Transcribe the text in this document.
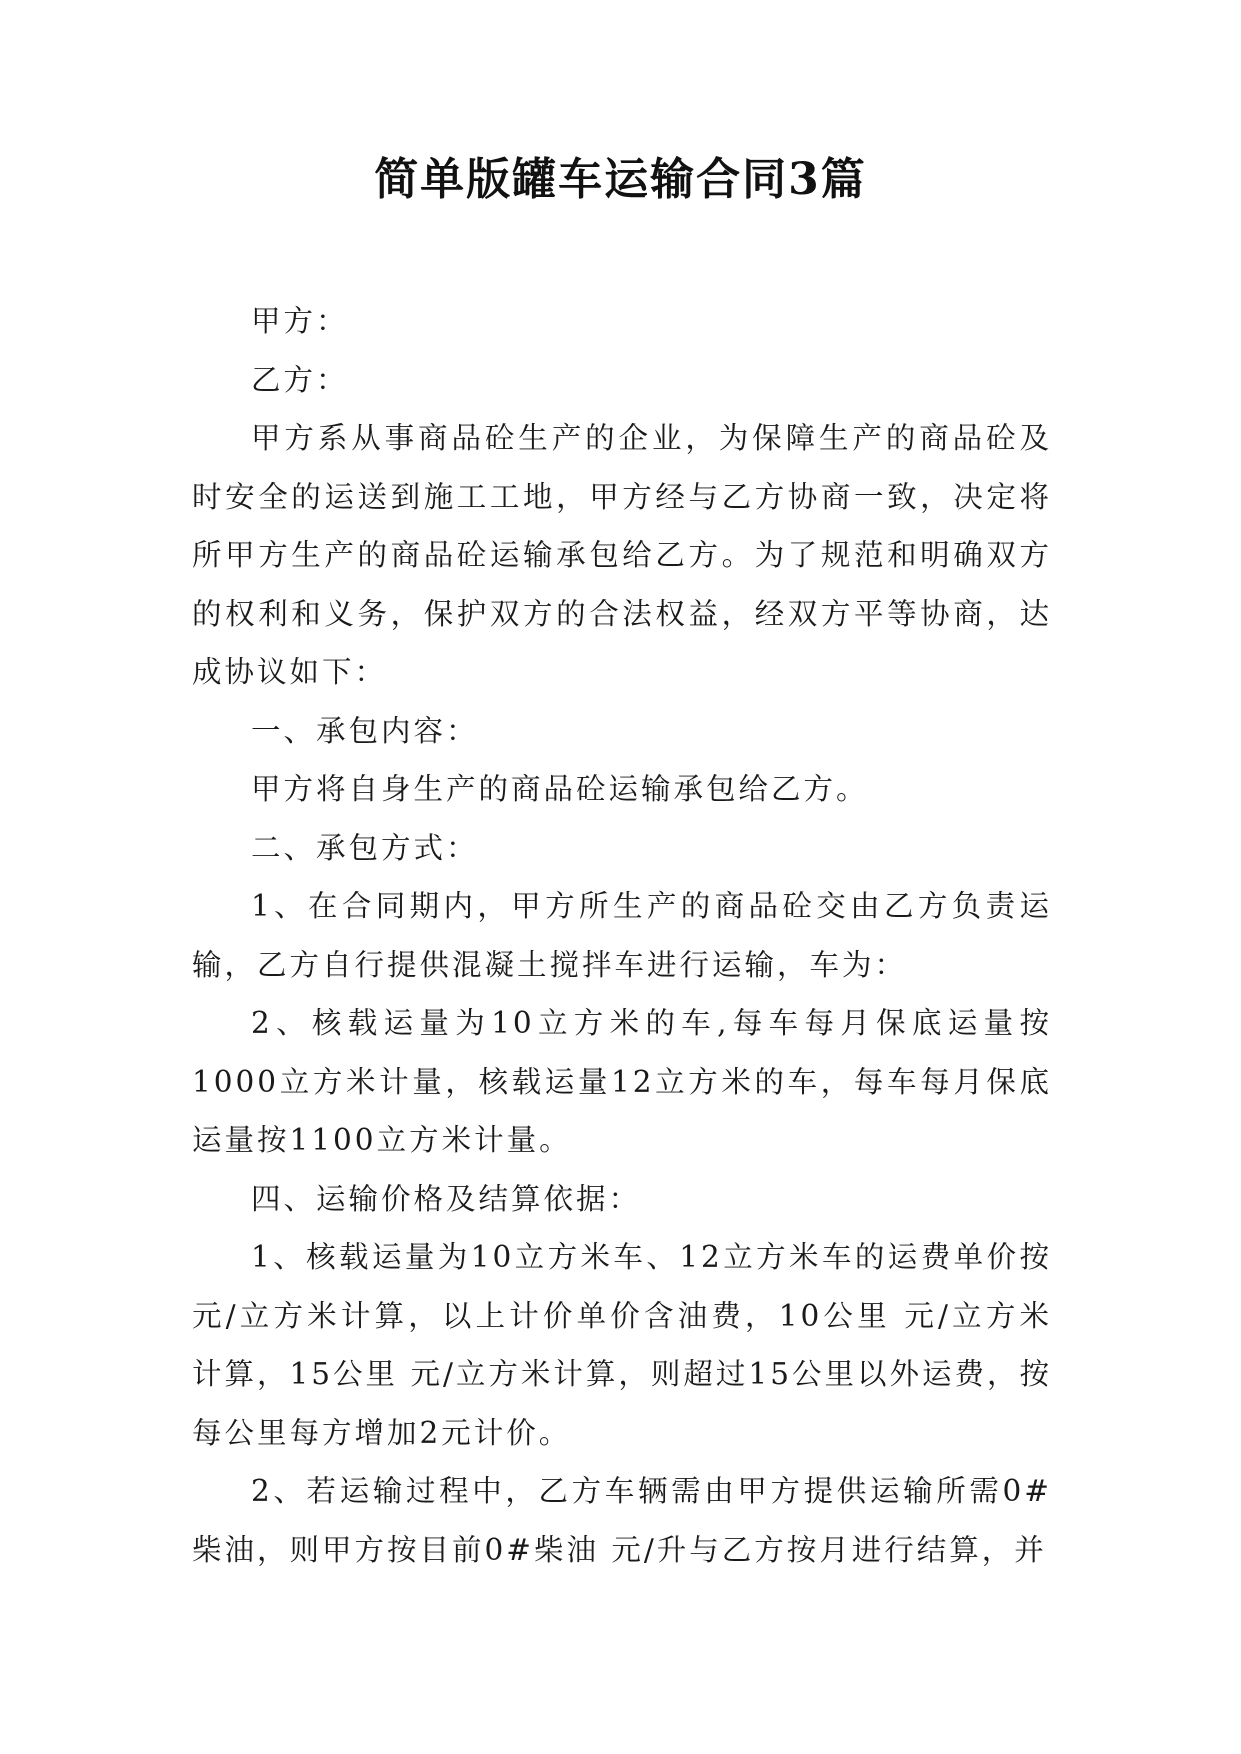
简单版罐车运输合同3篇

甲方：

乙方：

甲方系从事商品砼生产的企业，为保障生产的商品砼及时安全的运送到施工工地，甲方经与乙方协商一致，决定将所甲方生产的商品砼运输承包给乙方。为了规范和明确双方的权利和义务，保护双方的合法权益，经双方平等协商，达成协议如下：

一、承包内容：

甲方将自身生产的商品砼运输承包给乙方。

二、承包方式：

1、在合同期内，甲方所生产的商品砼交由乙方负责运输，乙方自行提供混凝土搅拌车进行运输，车为：

2、核载运量为10立方米的车,每车每月保底运量按1000立方米计量，核载运量12立方米的车，每车每月保底运量按1100立方米计量。

四、运输价格及结算依据：

1、核载运量为10立方米车、12立方米车的运费单价按 元/立方米计算，以上计价单价含油费，10公里 元/立方米计算，15公里 元/立方米计算，则超过15公里以外运费，按每公里每方增加2元计价。

2、若运输过程中，乙方车辆需由甲方提供运输所需0#柴油，则甲方按目前0#柴油 元/升与乙方按月进行结算，并
